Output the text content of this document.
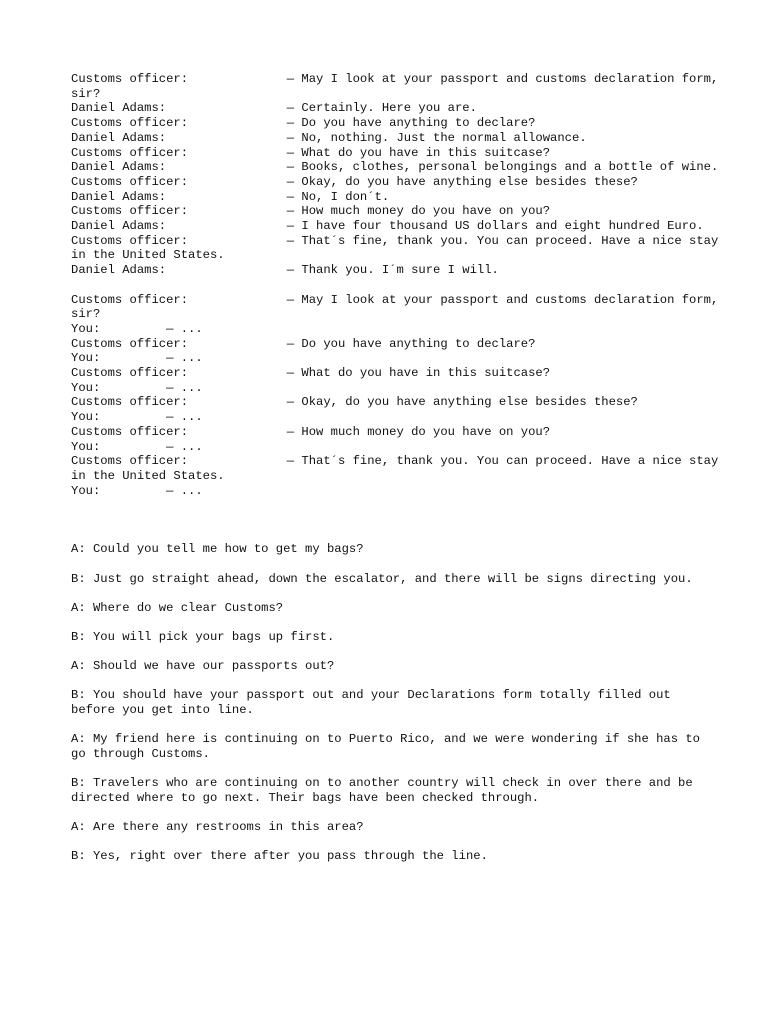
Customs officer:	— May I look at your passport and customs declaration form,
sir?
Daniel Adams:	— Certainly. Here you are.
Customs officer:	— Do you have anything to declare?
Daniel Adams:	— No, nothing. Just the normal allowance.
Customs officer:	— What do you have in this suitcase?
Daniel Adams:	— Books, clothes, personal belongings and a bottle of wine.
Customs officer:	— Okay, do you have anything else besides these?
Daniel Adams:	— No, I don´t.
Customs officer:	— How much money do you have on you?
Daniel Adams:	— I have four thousand US dollars and eight hundred Euro.
Customs officer:	— That´s fine, thank you. You can proceed. Have a nice stay
in the United States.
Daniel Adams:	— Thank you. I´m sure I will.
Customs officer:	— May I look at your passport and customs declaration form,
sir?
You:	— ...
Customs officer:	— Do you have anything to declare?
You:	— ...
Customs officer:	— What do you have in this suitcase?
You:	— ...
Customs officer:	— Okay, do you have anything else besides these?
You:	— ...
Customs officer:	— How much money do you have on you?
You:	— ...
Customs officer:	— That´s fine, thank you. You can proceed. Have a nice stay
in the United States.
You:	— ...

A: Could you tell me how to get my bags?

B: Just go straight ahead, down the escalator, and there will be signs directing you.

A: Where do we clear Customs?

B: You will pick your bags up first.

A: Should we have our passports out?

B: You should have your passport out and your Declarations form totally filled out before you get into line.

A: My friend here is continuing on to Puerto Rico, and we were wondering if she has to go through Customs.

B: Travelers who are continuing on to another country will check in over there and be directed where to go next. Their bags have been checked through.

A: Are there any restrooms in this area?

B: Yes, right over there after you pass through the line.
